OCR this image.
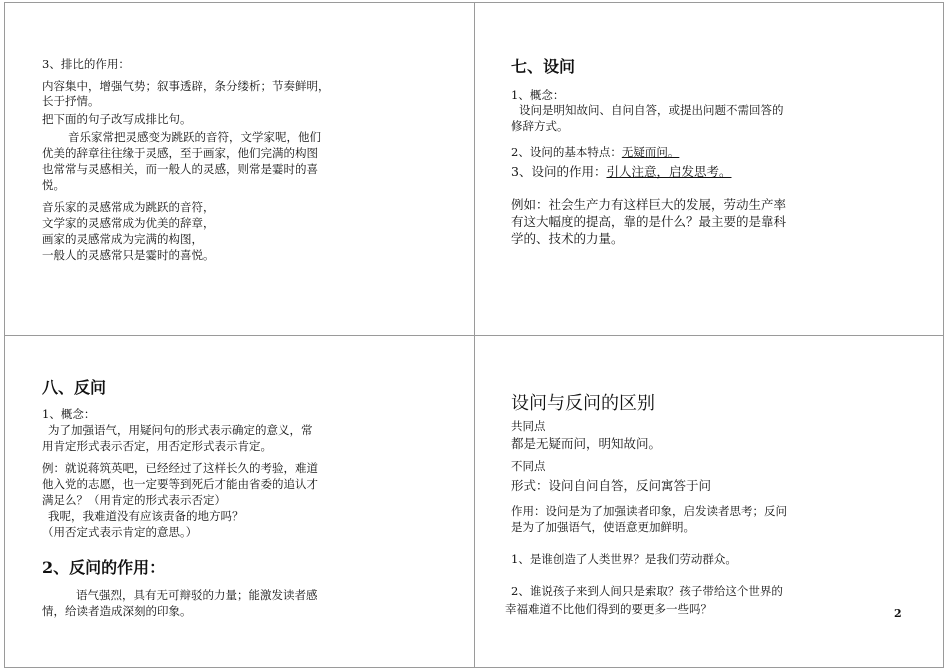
3、排比的作用：
内容集中，增强气势；叙事透辟，条分缕析；节奏鲜明，
长于抒情。
把下面的句子改写成排比句。
音乐家常把灵感变为跳跃的音符，文学家呢，他们
优美的辞章往往缘于灵感，至于画家，他们完满的构图
也常常与灵感相关，而一般人的灵感，则常是霎时的喜
悦。
音乐家的灵感常成为跳跃的音符，
文学家的灵感常成为优美的辞章，
画家的灵感常成为完满的构图，
一般人的灵感常只是霎时的喜悦。
七、设问
1、概念：
设问是明知故问、自问自答，或提出问题不需回答的
修辞方式。
2、设问的基本特点：无疑而问。
3、设问的作用：引人注意，启发思考。
例如：社会生产力有这样巨大的发展，劳动生产率
有这大幅度的提高，靠的是什么？最主要的是靠科
学的、技术的力量。
八、反问
1、概念：
为了加强语气，用疑问句的形式表示确定的意义，常
用肯定形式表示否定，用否定形式表示肯定。
例：就说蒋筑英吧，已经经过了这样长久的考验，难道
他入党的志愿，也一定要等到死后才能由省委的追认才
满足么？（用肯定的形式表示否定）
我呢，我难道没有应该责备的地方吗？
（用否定式表示肯定的意思。）
2、反问的作用：
语气强烈，具有无可辩驳的力量；能激发读者感
情，给读者造成深刻的印象。
设问与反问的区别
共同点
都是无疑而问，明知故问。
不同点
形式：设问自问自答，反问寓答于问
作用：设问是为了加强读者印象，启发读者思考；反问
是为了加强语气，使语意更加鲜明。
1、是谁创造了人类世界？是我们劳动群众。
2、谁说孩子来到人间只是索取？孩子带给这个世界的
幸福难道不比他们得到的要更多一些吗？	2
